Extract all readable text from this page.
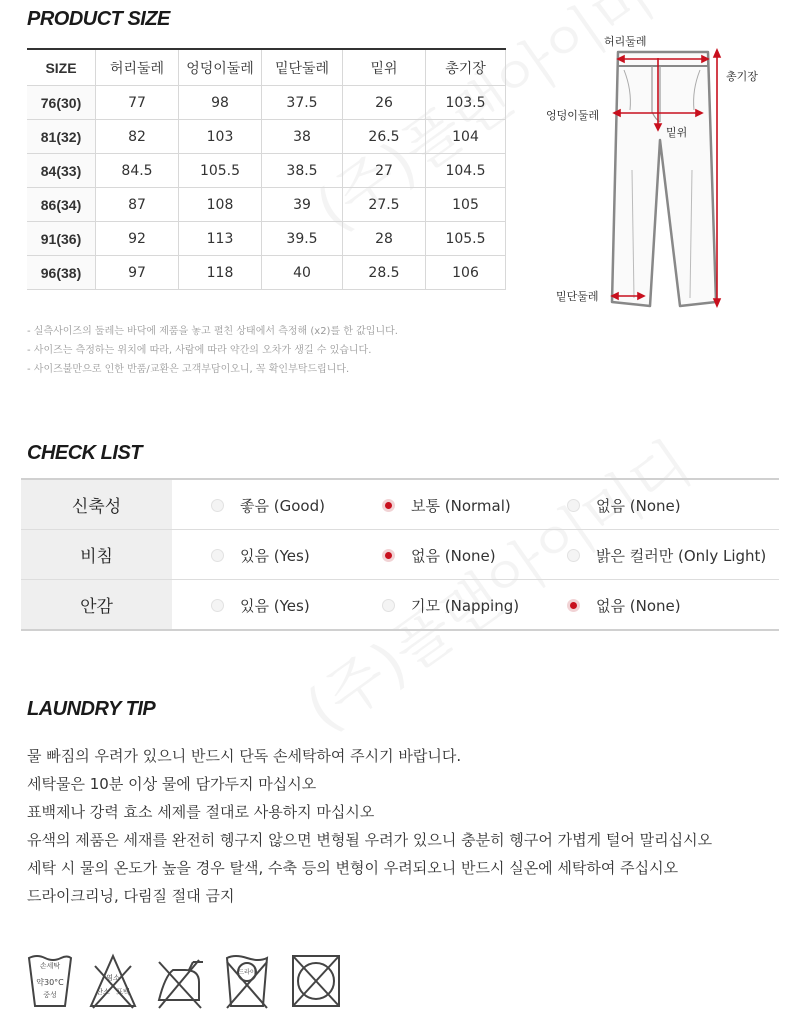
PRODUCT SIZE
SIZE	허리둘레	엉덩이둘레	밑단둘레	밑위	총기장
76(30)	77	98	37.5	26	103.5
81(32)	82	103	38	26.5	104
84(33)	84.5	105.5	38.5	27	104.5
86(34)	87	108	39	27.5	105
91(36)	92	113	39.5	28	105.5
96(38)	97	118	40	28.5	106
- 실측사이즈의 둘레는 바닥에 제품을 놓고 펼친 상태에서 측정해 (x2)를 한 값입니다.
- 사이즈는 측정하는 위치에 따라, 사람에 따라 약간의 오차가 생길 수 있습니다.
- 사이즈불만으로 인한 반품/교환은 고객부담이오니, 꼭 확인부탁드립니다.
허리둘레
총기장
엉덩이둘레
밑위
밑단둘레
CHECK LIST
신축성	좋음 (Good) 보통 (Normal) 없음 (None)

비침	있음 (Yes) 없음 (None) 밝은 컬러만 (Only Light)

안감	있음 (Yes) 기모 (Napping) 없음 (None)
LAUNDRY TIP
물 빠짐의 우려가 있으니 반드시 단독 손세탁하여 주시기 바랍니다.
세탁물은 10분 이상 물에 담가두지 마십시오
표백제나 강력 효소 세제를 절대로 사용하지 마십시오
유색의 제품은 세재를 완전히 헹구지 않으면 변형될 우려가 있으니 충분히 헹구어 가볍게 털어 말리십시오
세탁 시 물의 온도가 높을 경우 탈색, 수축 등의 변형이 우려되오니 반드시 실온에 세탁하여 주십시오
드라이크리닝, 다림질 절대 금지
손세탁
약30°C
중성
염소
산소 표백
드라이
